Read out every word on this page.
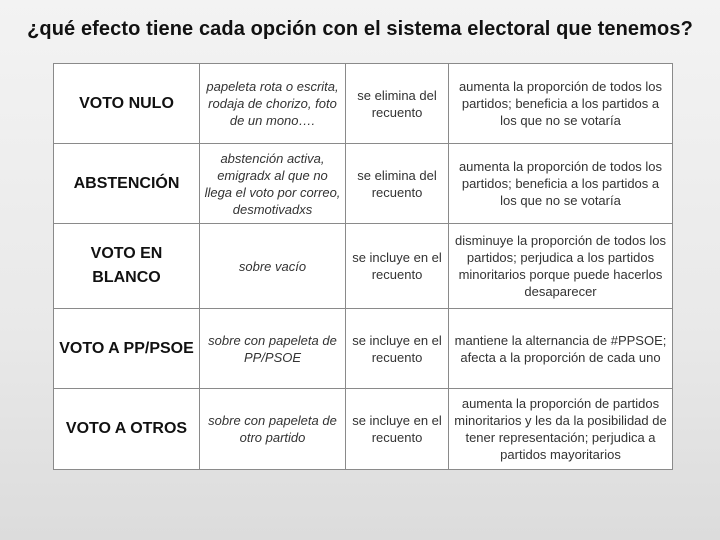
¿qué efecto tiene cada opción con el sistema electoral que tenemos?
VOTO NULO	papeleta rota o escrita, rodaja de chorizo, foto de un mono….	se elimina del recuento	aumenta la proporción de todos los partidos; beneficia a los partidos a los que no se votaría
ABSTENCIÓN	abstención activa, emigradx al que no llega el voto por correo, desmotivadxs	se elimina del recuento	aumenta la proporción de todos los partidos; beneficia a los partidos a los que no se votaría
VOTO EN BLANCO	sobre vacío	se incluye en el recuento	disminuye la proporción de todos los partidos; perjudica a los partidos minoritarios porque puede hacerlos desaparecer
VOTO A PP/PSOE	sobre con papeleta de PP/PSOE	se incluye en el recuento	mantiene la alternancia de #PPSOE; afecta a la proporción de cada uno
VOTO A OTROS	sobre con papeleta de otro partido	se incluye en el recuento	aumenta la proporción de partidos minoritarios y les da la posibilidad de tener representación; perjudica a partidos mayoritarios
